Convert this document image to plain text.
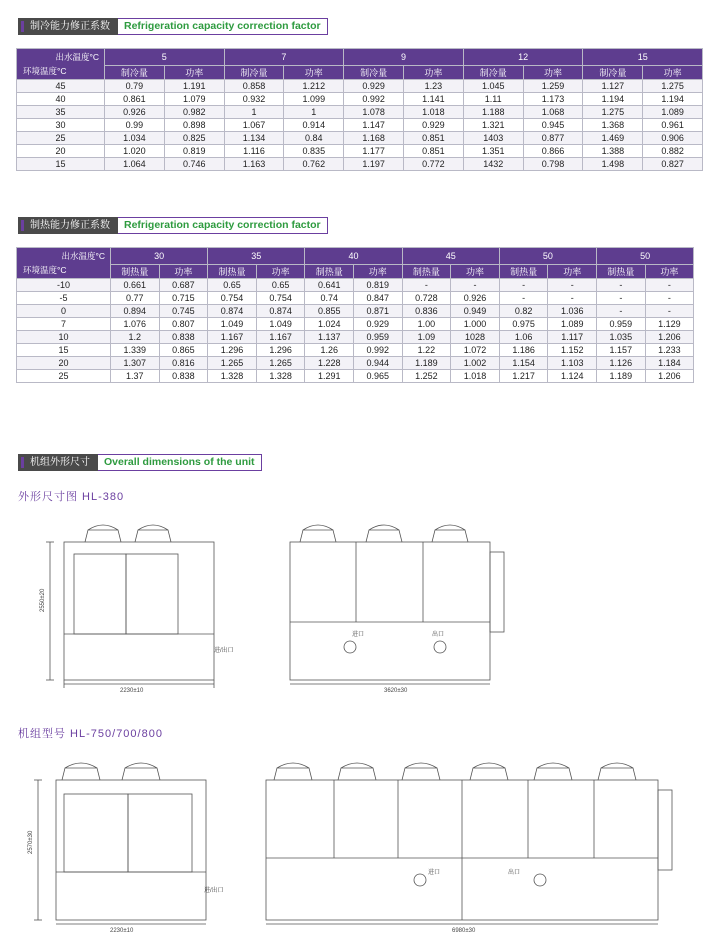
制冷能力修正系数	Refrigeration capacity correction factor
出水温度°C
环境温度°C	5		7		9		12		15	
	制冷量	功率	制冷量	功率	制冷量	功率	制冷量	功率	制冷量	功率
45	0.79	1.191	0.858	1.212	0.929	1.23	1.045	1.259	1.127	1.275
40	0.861	1.079	0.932	1.099	0.992	1.141	1.11	1.173	1.194	1.194
35	0.926	0.982	1	1	1.078	1.018	1.188	1.068	1.275	1.089
30	0.99	0.898	1.067	0.914	1.147	0.929	1.321	0.945	1.368	0.961
25	1.034	0.825	1.134	0.84	1.168	0.851	1403	0.877	1.469	0.906
20	1.020	0.819	1.116	0.835	1.177	0.851	1.351	0.866	1.388	0.882
15	1.064	0.746	1.163	0.762	1.197	0.772	1432	0.798	1.498	0.827
制热能力修正系数	Refrigeration capacity correction factor
出水温度°C
环境温度°C	30		35		40		45		50		50	
	制热量	功率	制热量	功率	制热量	功率	制热量	功率	制热量	功率	制热量	功率
-10	0.661	0.687	0.65	0.65	0.641	0.819	-	-	-	-	-	-
-5	0.77	0.715	0.754	0.754	0.74	0.847	0.728	0.926	-	-	-	-
0	0.894	0.745	0.874	0.874	0.855	0.871	0.836	0.949	0.82	1.036	-	-
7	1.076	0.807	1.049	1.049	1.024	0.929	1.00	1.000	0.975	1.089	0.959	1.129
10	1.2	0.838	1.167	1.167	1.137	0.959	1.09	1028	1.06	1.117	1.035	1.206
15	1.339	0.865	1.296	1.296	1.26	0.992	1.22	1.072	1.186	1.152	1.157	1.233
20	1.307	0.816	1.265	1.265	1.228	0.944	1.189	1.002	1.154	1.103	1.126	1.184
25	1.37	0.838	1.328	1.328	1.291	0.965	1.252	1.018	1.217	1.124	1.189	1.206
机组外形尺寸	Overall dimensions of the unit
外形尺寸图 HL-380
2550±20
2230±10
进/出口
进口	出口
3620±30
机组型号 HL-750/700/800
2570±30
2230±10
进/出口
进口	出口
6980±30
